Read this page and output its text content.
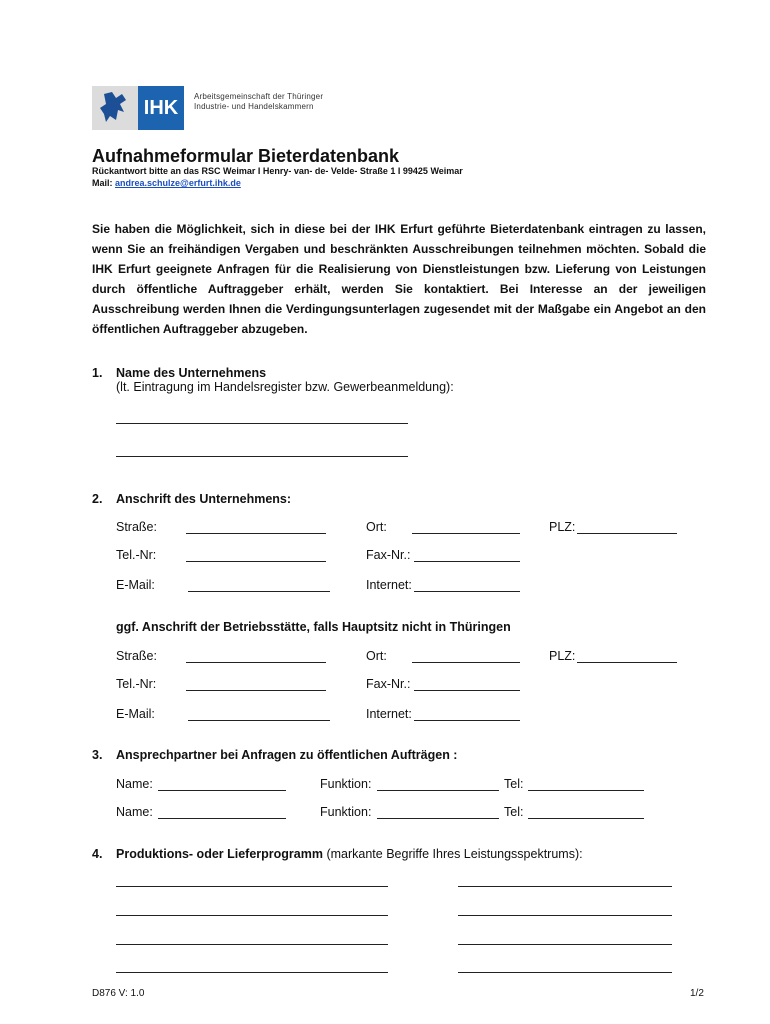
IHK
Arbeitsgemeinschaft der Thüringer
Industrie- und Handelskammern
Aufnahmeformular Bieterdatenbank
Rückantwort bitte an das RSC Weimar I Henry- van- de- Velde- Straße 1 I 99425 Weimar
Mail: andrea.schulze@erfurt.ihk.de

Sie haben die Möglichkeit, sich in diese bei der IHK Erfurt geführte Bieterdatenbank eintragen zu lassen, wenn Sie an freihändigen Vergaben und beschränkten Ausschreibungen teilnehmen möchten. Sobald die IHK Erfurt geeignete Anfragen für die Realisierung von Dienstleistungen bzw. Lieferung von Leistungen durch öffentliche Auftraggeber erhält, werden Sie kontaktiert. Bei Interesse an der jeweiligen Ausschreibung werden Ihnen die Verdingungsunterlagen zugesendet mit der Maßgabe ein Angebot an den öffentlichen Auftraggeber abzugeben.

1. Name des Unternehmens
(lt. Eintragung im Handelsregister bzw. Gewerbeanmeldung):
2. Anschrift des Unternehmens:
Straße:	Ort:	PLZ:
Tel.-Nr:	Fax-Nr.:
E-Mail:	Internet:
ggf. Anschrift der Betriebsstätte, falls Hauptsitz nicht in Thüringen
Straße:	Ort:	PLZ:
Tel.-Nr:	Fax-Nr.:
E-Mail:	Internet:
3. Ansprechpartner bei Anfragen zu öffentlichen Aufträgen :
Name:	Funktion:	Tel:
Name:	Funktion:	Tel:
4. Produktions- oder Lieferprogramm (markante Begriffe Ihres Leistungsspektrums):
D876 V: 1.0	1/2
